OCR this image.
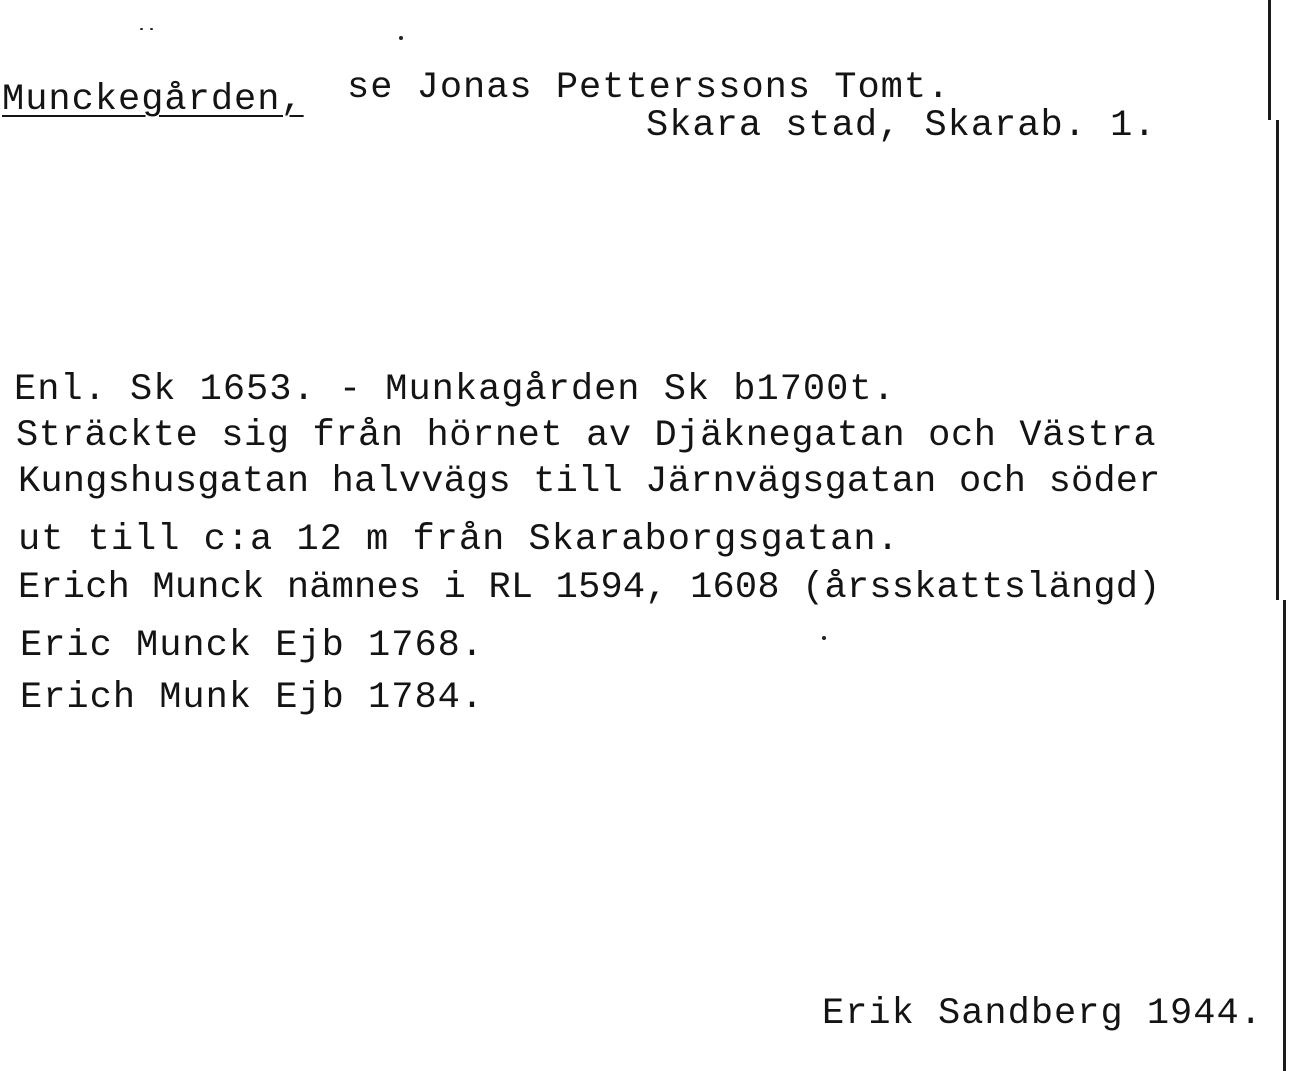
Munckegården, se Jonas Petterssons Tomt.
Skara stad, Skarab. 1.
Enl. Sk 1653. - Munkagården Sk b1700t.
Sträckte sig från hörnet av Djäknegatan och Västra
Kungshusgatan halvvägs till Järnvägsgatan och söder
ut till c:a 12 m från Skaraborgsgatan.
Erich Munck nämnes i RL 1594, 1608 (årsskattslängd)
Eric Munck Ejb 1768.
Erich Munk Ejb 1784.
Erik Sandberg 1944.
